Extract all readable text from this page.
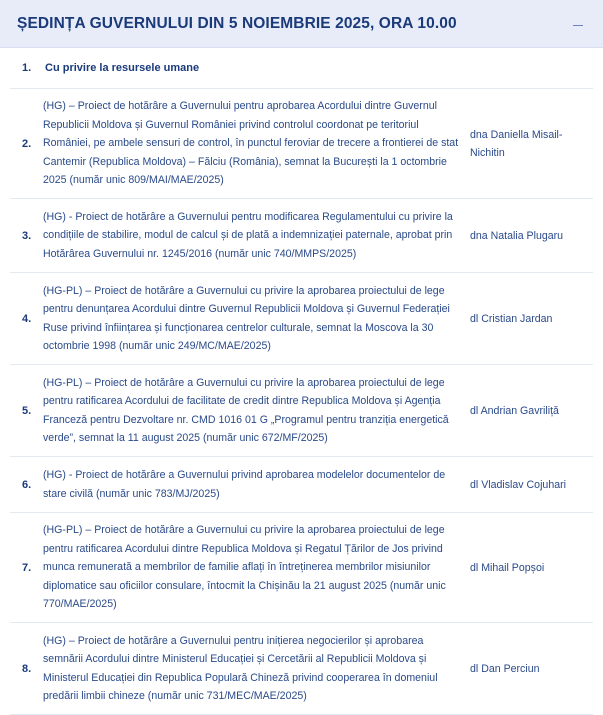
ȘEDINȚA GUVERNULUI DIN 5 NOIEMBRIE 2025, ORA 10.00
1.	Cu privire la resursele umane
2.
(HG) – Proiect de hotărâre a Guvernului pentru aprobarea Acordului dintre Guvernul Republicii Moldova și Guvernul României privind controlul coordonat pe teritoriul României, pe ambele sensuri de control, în punctul feroviar de trecere a frontierei de stat Cantemir (Republica Moldova) – Fălciu (România), semnat la București la 1 octombrie 2025 (număr unic 809/MAI/MAE/2025)
dna Daniella Misail-Nichitin
3.
(HG) - Proiect de hotărâre a Guvernului pentru modificarea Regulamentului cu privire la condițiile de stabilire, modul de calcul și de plată a indemnizației paternale, aprobat prin Hotărârea Guvernului nr. 1245/2016 (număr unic 740/MMPS/2025)
dna Natalia Plugaru
4.
(HG-PL) – Proiect de hotărâre a Guvernului cu privire la aprobarea proiectului de lege pentru denunțarea Acordului dintre Guvernul Republicii Moldova și Guvernul Federației Ruse privind înființarea și funcționarea centrelor culturale, semnat la Moscova la 30 octombrie 1998 (număr unic 249/MC/MAE/2025)
dl Cristian Jardan
5.
(HG-PL) – Proiect de hotărâre a Guvernului cu privire la aprobarea proiectului de lege pentru ratificarea Acordului de facilitate de credit dintre Republica Moldova și Agenția Franceză pentru Dezvoltare nr. CMD 1016 01 G „Programul pentru tranziția energetică verde”, semnat la 11 august 2025 (număr unic 672/MF/2025)
dl Andrian Gavriliță
6.
(HG) - Proiect de hotărâre a Guvernului privind aprobarea modelelor documentelor de stare civilă (număr unic 783/MJ/2025)
dl Vladislav Cojuhari
7.
(HG-PL) – Proiect de hotărâre a Guvernului cu privire la aprobarea proiectului de lege pentru ratificarea Acordului dintre Republica Moldova și Regatul Țărilor de Jos privind munca remunerată a membrilor de familie aflați în întreținerea membrilor misiunilor diplomatice sau oficiilor consulare, întocmit la Chișinău la 21 august 2025 (număr unic 770/MAE/2025)
dl Mihail Popșoi
8.
(HG) – Proiect de hotărâre a Guvernului pentru inițierea negocierilor și aprobarea semnării Acordului dintre Ministerul Educației și Cercetării al Republicii Moldova și Ministerul Educației din Republica Populară Chineză privind cooperarea în domeniul predării limbii chineze (număr unic 731/MEC/MAE/2025)
dl Dan Perciun
